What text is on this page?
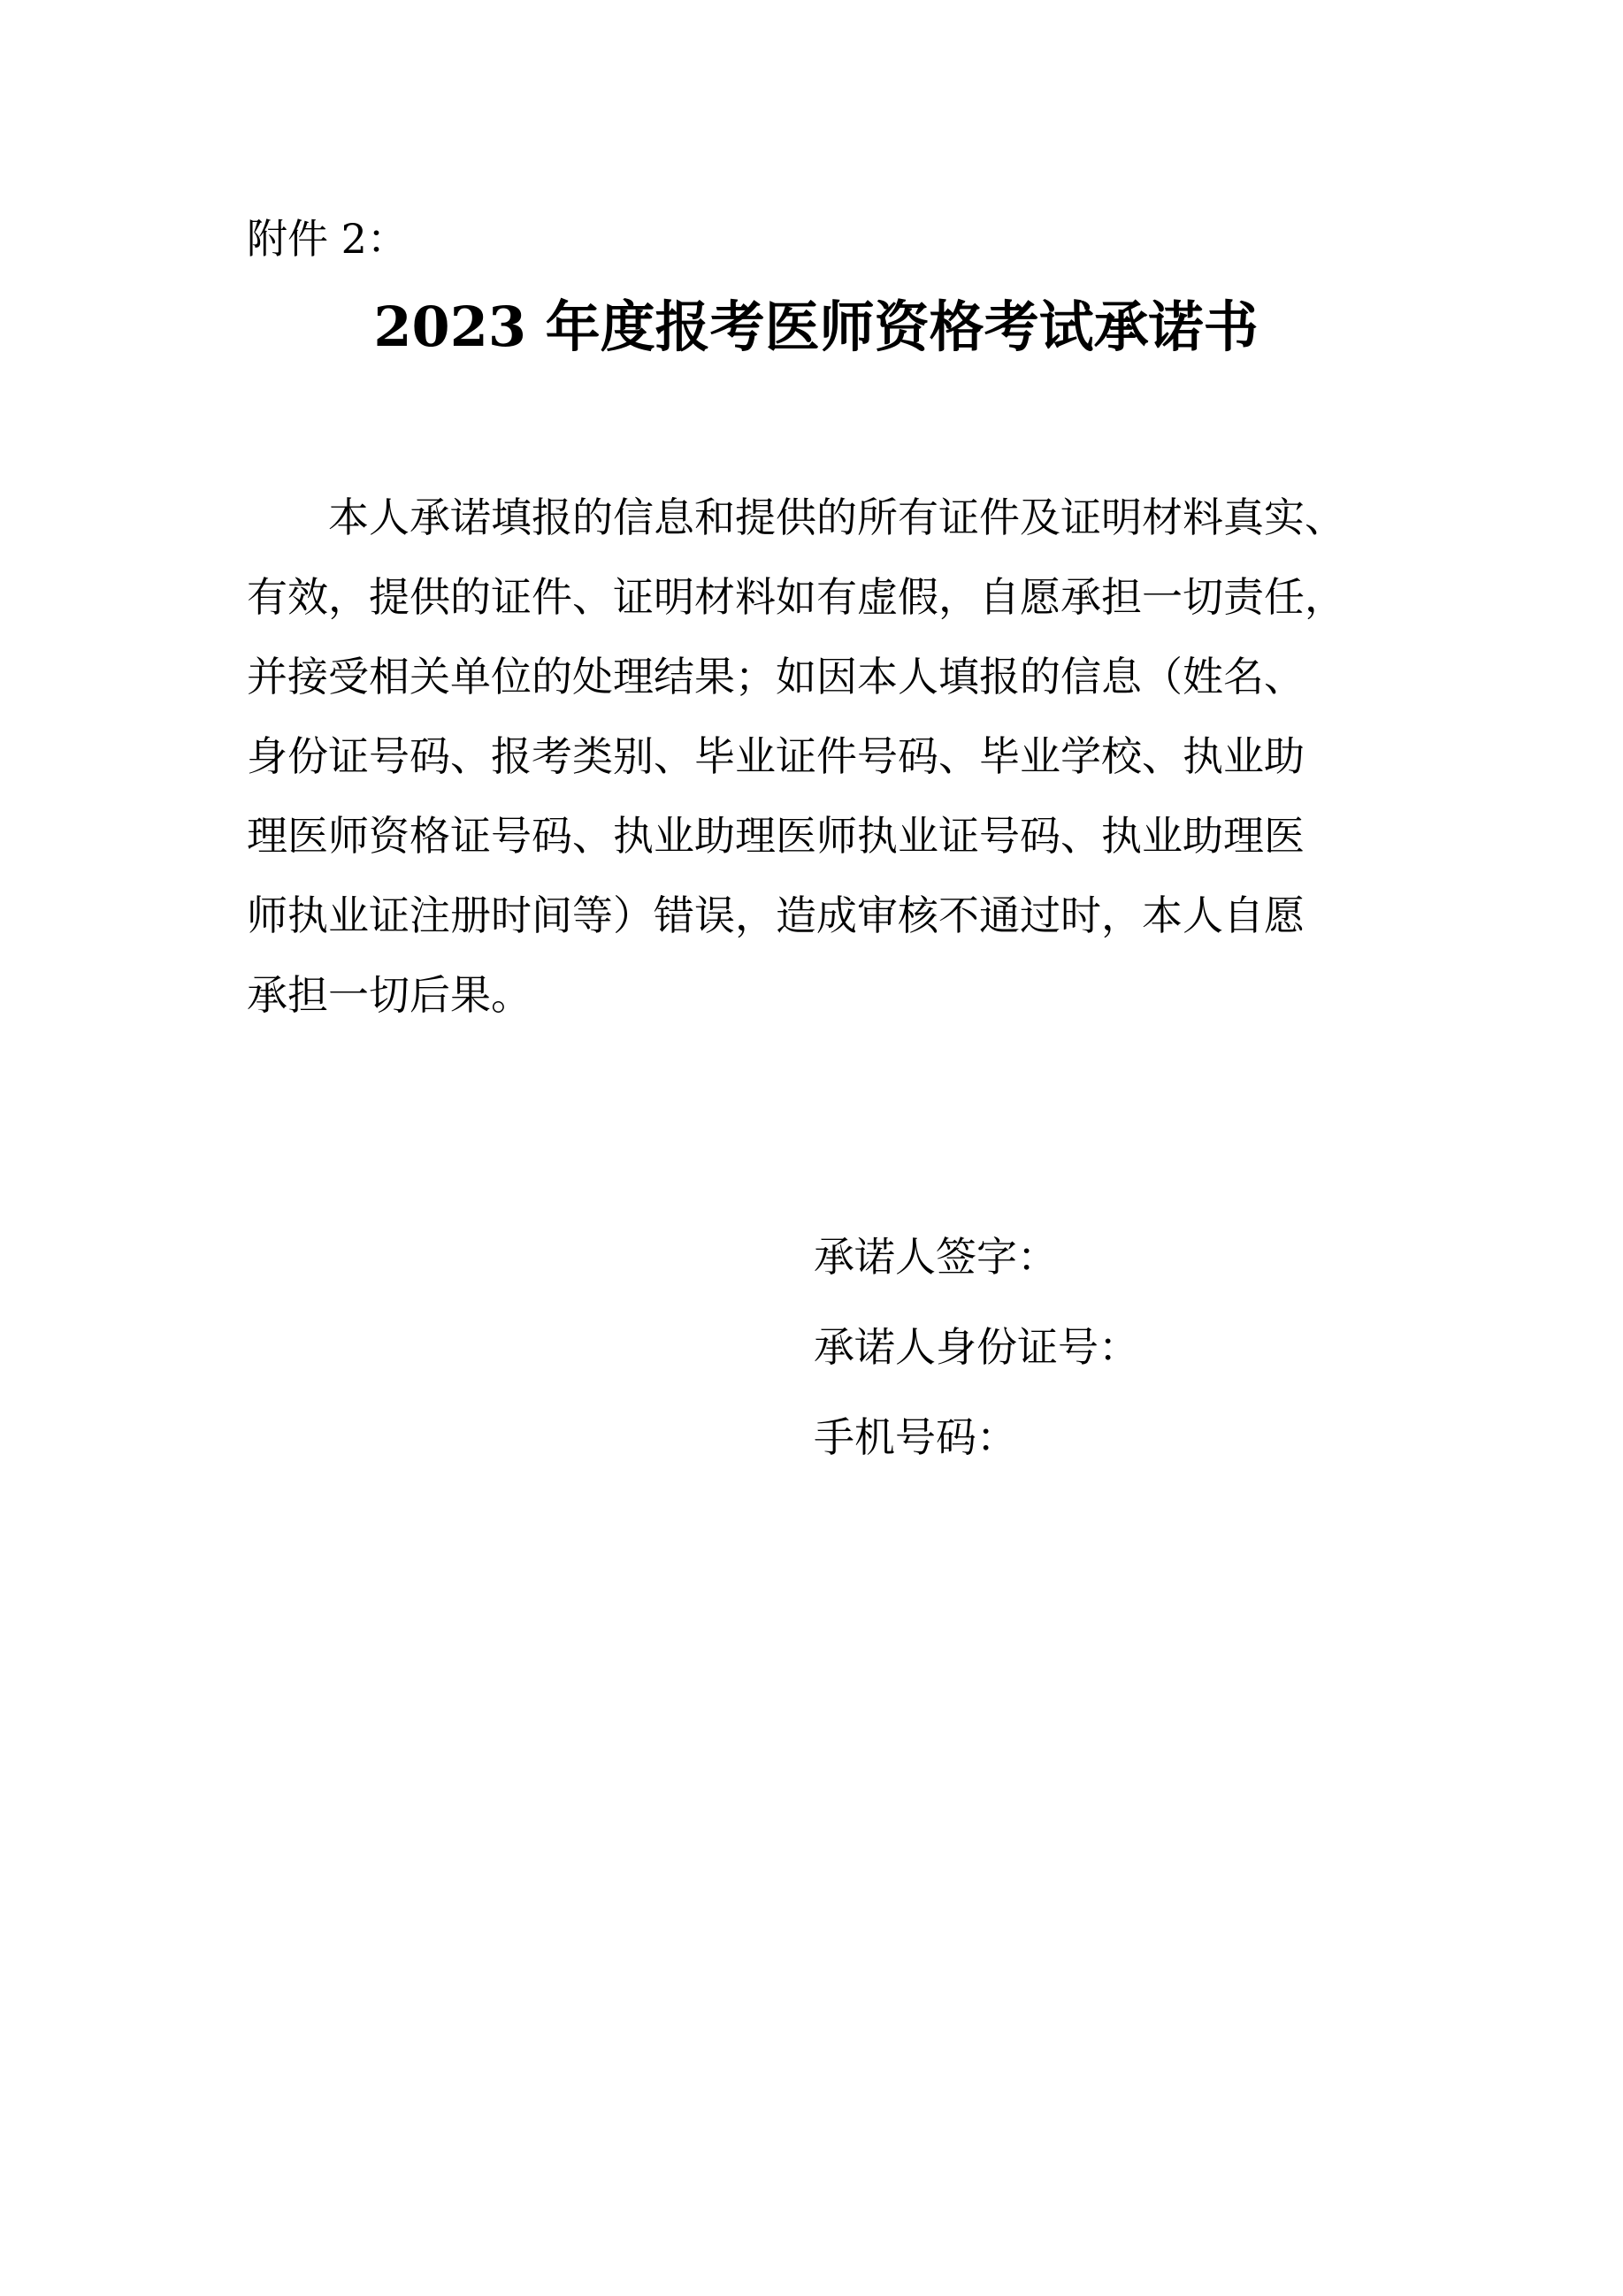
附件 2：
2023 年度报考医师资格考试承诺书
　　本人承诺填报的信息和提供的所有证件及证明材料真实、
有效，提供的证件、证明材料如有虚假，自愿承担一切责任，
并接受相关单位的处理结果；如因本人填报的信息（姓名、
身份证号码、报考类别、毕业证件号码、毕业学校、执业助
理医师资格证号码、执业助理医师执业证号码、执业助理医
师执业证注册时间等）错误，造成审核不通过时，本人自愿
承担一切后果。
承诺人签字：
承诺人身份证号：
手机号码：
